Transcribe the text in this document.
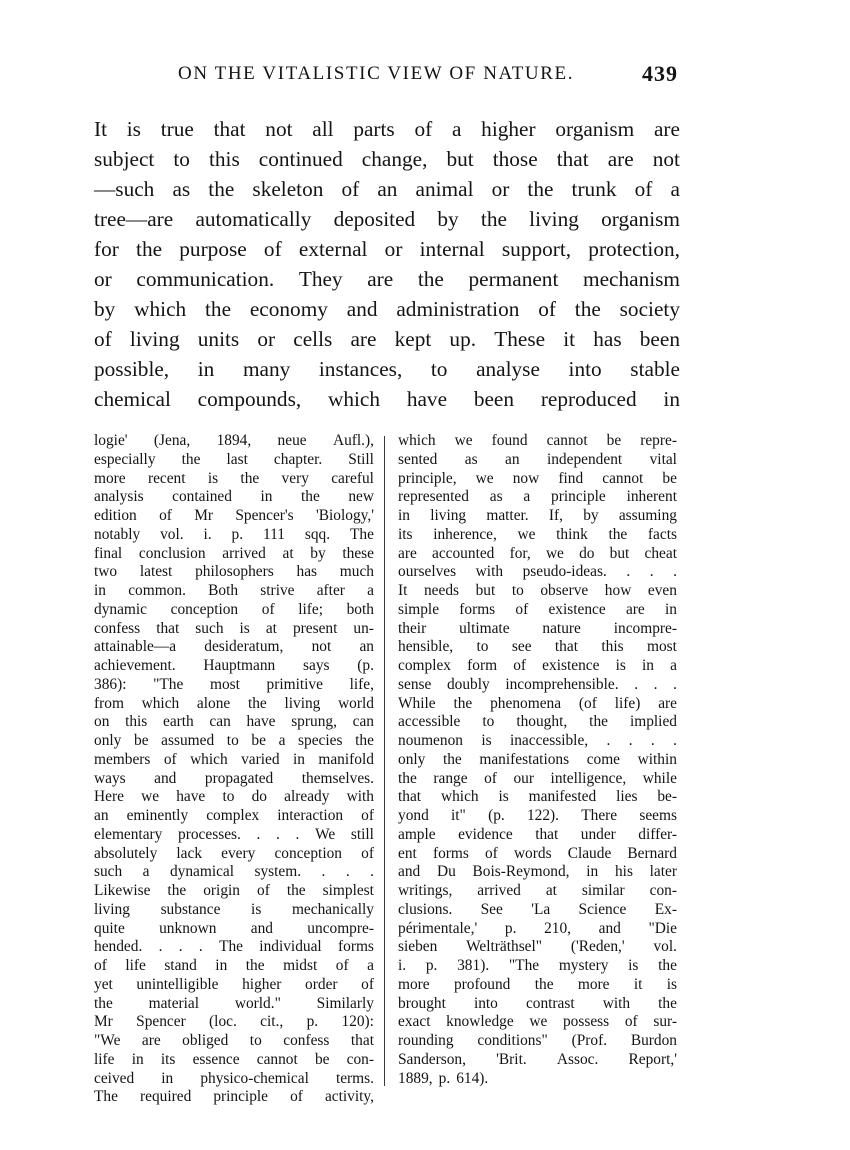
ON THE VITALISTIC VIEW OF NATURE.	439
It is true that not all parts of a higher organism are
subject to this continued change, but those that are not
—such as the skeleton of an animal or the trunk of a
tree—are automatically deposited by the living organism
for the purpose of external or internal support, protection,
or communication. They are the permanent mechanism
by which the economy and administration of the society
of living units or cells are kept up. These it has been
possible, in many instances, to analyse into stable
chemical compounds, which have been reproduced in
logie' (Jena, 1894, neue Aufl.),
especially the last chapter. Still
more recent is the very careful
analysis contained in the new
edition of Mr Spencer's 'Biology,'
notably vol. i. p. 111 sqq. The
final conclusion arrived at by these
two latest philosophers has much
in common. Both strive after a
dynamic conception of life; both
confess that such is at present un-
attainable—a desideratum, not an
achievement. Hauptmann says (p.
386): "The most primitive life,
from which alone the living world
on this earth can have sprung, can
only be assumed to be a species the
members of which varied in manifold
ways and propagated themselves.
Here we have to do already with
an eminently complex interaction of
elementary processes. . . . We still
absolutely lack every conception of
such a dynamical system. . . .
Likewise the origin of the simplest
living substance is mechanically
quite unknown and uncompre-
hended. . . . The individual forms
of life stand in the midst of a
yet unintelligible higher order of
the material world." Similarly
Mr Spencer (loc. cit., p. 120):
"We are obliged to confess that
life in its essence cannot be con-
ceived in physico-chemical terms.
The required principle of activity,
which we found cannot be repre-
sented as an independent vital
principle, we now find cannot be
represented as a principle inherent
in living matter. If, by assuming
its inherence, we think the facts
are accounted for, we do but cheat
ourselves with pseudo-ideas. . . .
It needs but to observe how even
simple forms of existence are in
their ultimate nature incompre-
hensible, to see that this most
complex form of existence is in a
sense doubly incomprehensible. . . .
While the phenomena (of life) are
accessible to thought, the implied
noumenon is inaccessible, . . . .
only the manifestations come within
the range of our intelligence, while
that which is manifested lies be-
yond it" (p. 122). There seems
ample evidence that under differ-
ent forms of words Claude Bernard
and Du Bois-Reymond, in his later
writings, arrived at similar con-
clusions. See 'La Science Ex-
périmentale,' p. 210, and "Die
sieben Welträthsel" ('Reden,' vol.
i. p. 381). "The mystery is the
more profound the more it is
brought into contrast with the
exact knowledge we possess of sur-
rounding conditions" (Prof. Burdon
Sanderson, 'Brit. Assoc. Report,'
1889, p. 614).
